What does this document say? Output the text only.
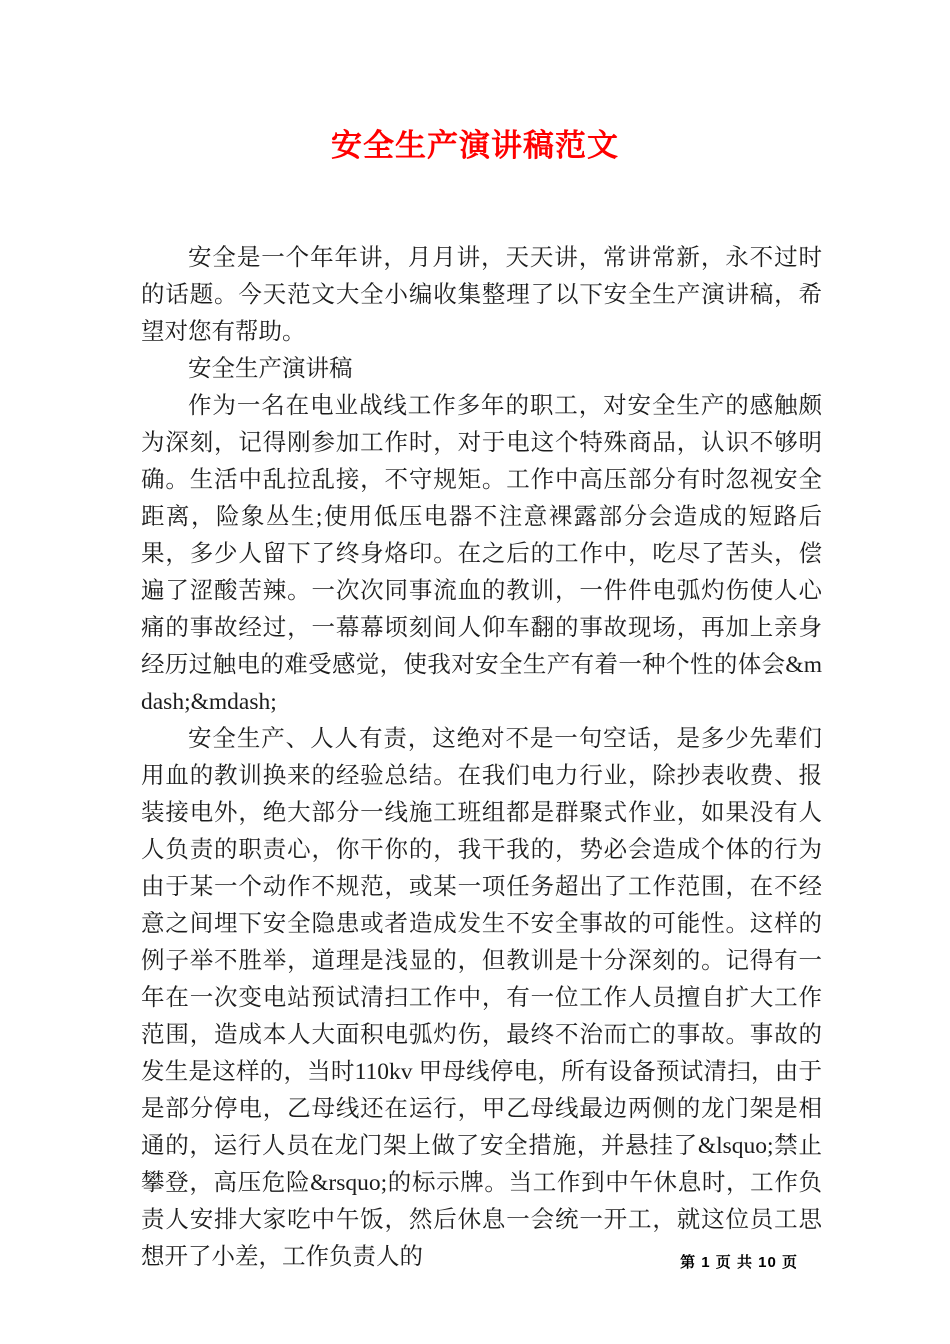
安全生产演讲稿范文

安全是一个年年讲，月月讲，天天讲，常讲常新，永不过时的话题。今天范文大全小编收集整理了以下安全生产演讲稿，希望对您有帮助。

安全生产演讲稿

作为一名在电业战线工作多年的职工，对安全生产的感触颇为深刻，记得刚参加工作时，对于电这个特殊商品，认识不够明确。生活中乱拉乱接，不守规矩。工作中高压部分有时忽视安全距离，险象丛生;使用低压电器不注意裸露部分会造成的短路后果，多少人留下了终身烙印。在之后的工作中，吃尽了苦头，偿遍了涩酸苦辣。一次次同事流血的教训，一件件电弧灼伤使人心痛的事故经过，一幕幕顷刻间人仰车翻的事故现场，再加上亲身经历过触电的难受感觉，使我对安全生产有着一种个性的体会&mdash;&mdash;

安全生产、人人有责，这绝对不是一句空话，是多少先辈们用血的教训换来的经验总结。在我们电力行业，除抄表收费、报装接电外，绝大部分一线施工班组都是群聚式作业，如果没有人人负责的职责心，你干你的，我干我的，势必会造成个体的行为由于某一个动作不规范，或某一项任务超出了工作范围，在不经意之间埋下安全隐患或者造成发生不安全事故的可能性。这样的例子举不胜举，道理是浅显的，但教训是十分深刻的。记得有一年在一次变电站预试清扫工作中，有一位工作人员擅自扩大工作范围，造成本人大面积电弧灼伤，最终不治而亡的事故。事故的发生是这样的，当时110kv 甲母线停电，所有设备预试清扫，由于是部分停电，乙母线还在运行，甲乙母线最边两侧的龙门架是相通的，运行人员在龙门架上做了安全措施，并悬挂了&lsquo;禁止攀登，高压危险&rsquo;的标示牌。当工作到中午休息时，工作负责人安排大家吃中午饭，然后休息一会统一开工，就这位员工思想开了小差，工作负责人的	第 1 页 共 10 页
